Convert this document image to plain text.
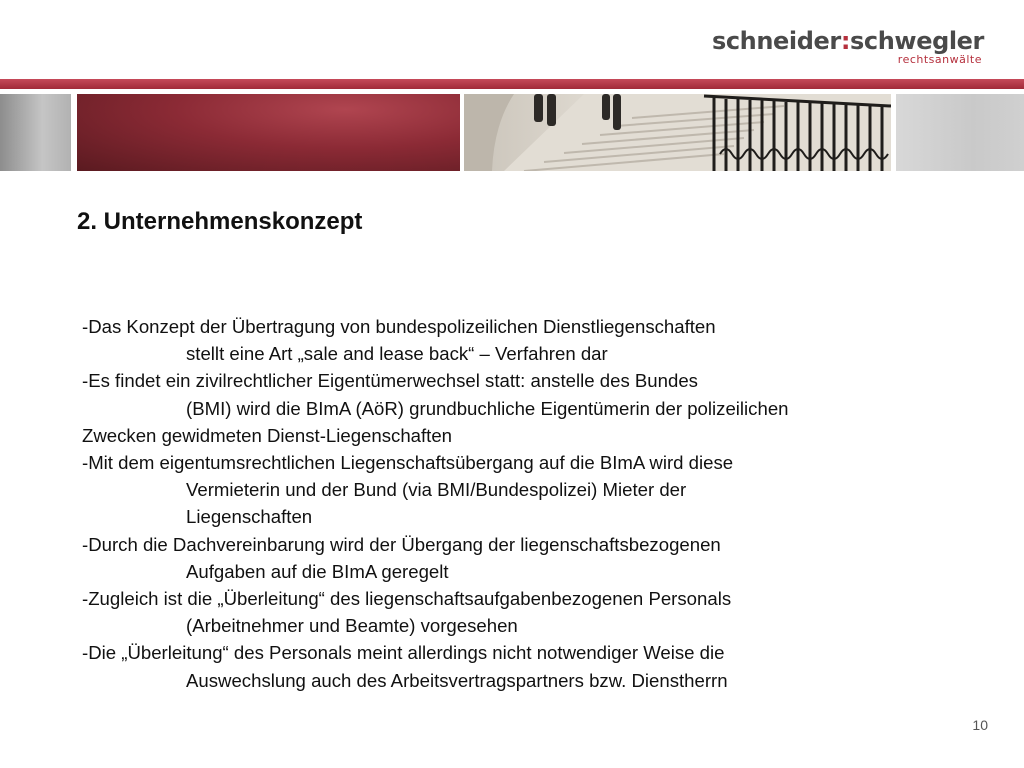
schneider:schwegler
rechtsanwälte
2. Unternehmenskonzept
-Das Konzept der Übertragung von bundespolizeilichen Dienstliegenschaften
stellt eine Art „sale and lease back“ – Verfahren dar
-Es findet ein zivilrechtlicher Eigentümerwechsel statt: anstelle des Bundes
(BMI) wird die BImA (AöR) grundbuchliche Eigentümerin der polizeilichen
Zwecken gewidmeten Dienst-Liegenschaften
-Mit dem eigentumsrechtlichen Liegenschaftsübergang auf die BImA wird diese
Vermieterin und der Bund (via BMI/Bundespolizei) Mieter der
Liegenschaften
-Durch die Dachvereinbarung wird der Übergang der liegenschaftsbezogenen
Aufgaben auf die BImA geregelt
-Zugleich ist die „Überleitung“ des liegenschaftsaufgabenbezogenen Personals
(Arbeitnehmer und Beamte) vorgesehen
-Die „Überleitung“ des Personals meint allerdings nicht notwendiger Weise die
Auswechslung auch des Arbeitsvertragspartners bzw. Dienstherrn
10
